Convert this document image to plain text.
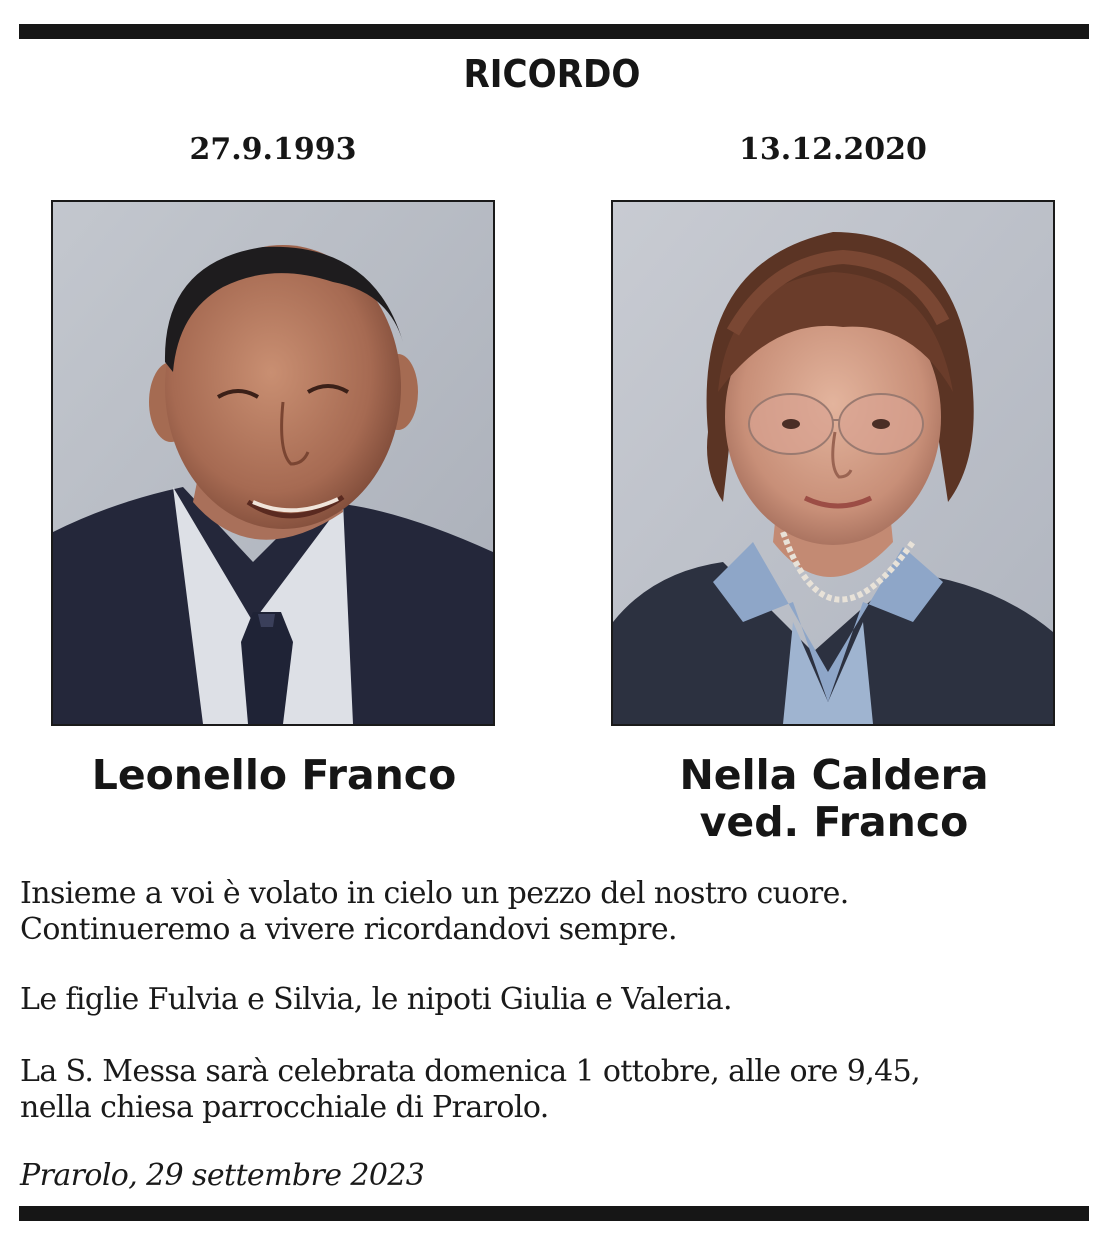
RICORDO
27.9.1993	13.12.2020
Leonello Franco	Nella Caldera
ved. Franco

Insieme a voi è volato in cielo un pezzo del nostro cuore.
Continueremo a vivere ricordandovi sempre.

Le figlie Fulvia e Silvia, le nipoti Giulia e Valeria.

La S. Messa sarà celebrata domenica 1 ottobre, alle ore 9,45,
nella chiesa parrocchiale di Prarolo.

Prarolo, 29 settembre 2023
